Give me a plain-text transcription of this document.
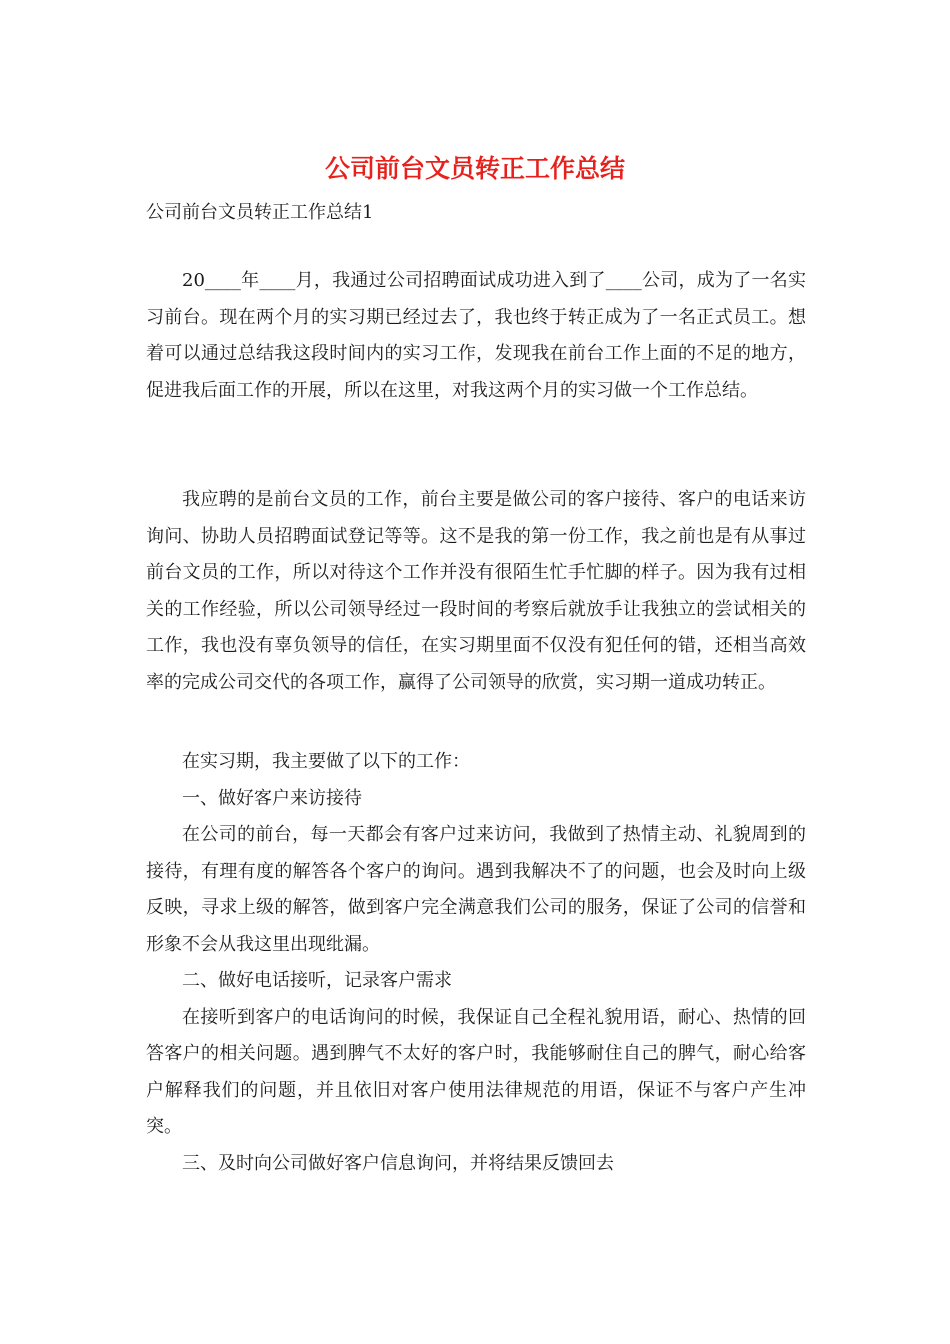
公司前台文员转正工作总结
公司前台文员转正工作总结1

20____年____月，我通过公司招聘面试成功进入到了____公司，成为了一名实习前台。现在两个月的实习期已经过去了，我也终于转正成为了一名正式员工。想着可以通过总结我这段时间内的实习工作，发现我在前台工作上面的不足的地方，促进我后面工作的开展，所以在这里，对我这两个月的实习做一个工作总结。

我应聘的是前台文员的工作，前台主要是做公司的客户接待、客户的电话来访询问、协助人员招聘面试登记等等。这不是我的第一份工作，我之前也是有从事过前台文员的工作，所以对待这个工作并没有很陌生忙手忙脚的样子。因为我有过相关的工作经验，所以公司领导经过一段时间的考察后就放手让我独立的尝试相关的工作，我也没有辜负领导的信任，在实习期里面不仅没有犯任何的错，还相当高效率的完成公司交代的各项工作，赢得了公司领导的欣赏，实习期一道成功转正。

在实习期，我主要做了以下的工作：

一、做好客户来访接待

在公司的前台，每一天都会有客户过来访问，我做到了热情主动、礼貌周到的接待，有理有度的解答各个客户的询问。遇到我解决不了的问题，也会及时向上级反映，寻求上级的解答，做到客户完全满意我们公司的服务，保证了公司的信誉和形象不会从我这里出现纰漏。

二、做好电话接听，记录客户需求

在接听到客户的电话询问的时候，我保证自己全程礼貌用语，耐心、热情的回答客户的相关问题。遇到脾气不太好的客户时，我能够耐住自己的脾气，耐心给客户解释我们的问题，并且依旧对客户使用法律规范的用语，保证不与客户产生冲突。

三、及时向公司做好客户信息询问，并将结果反馈回去
